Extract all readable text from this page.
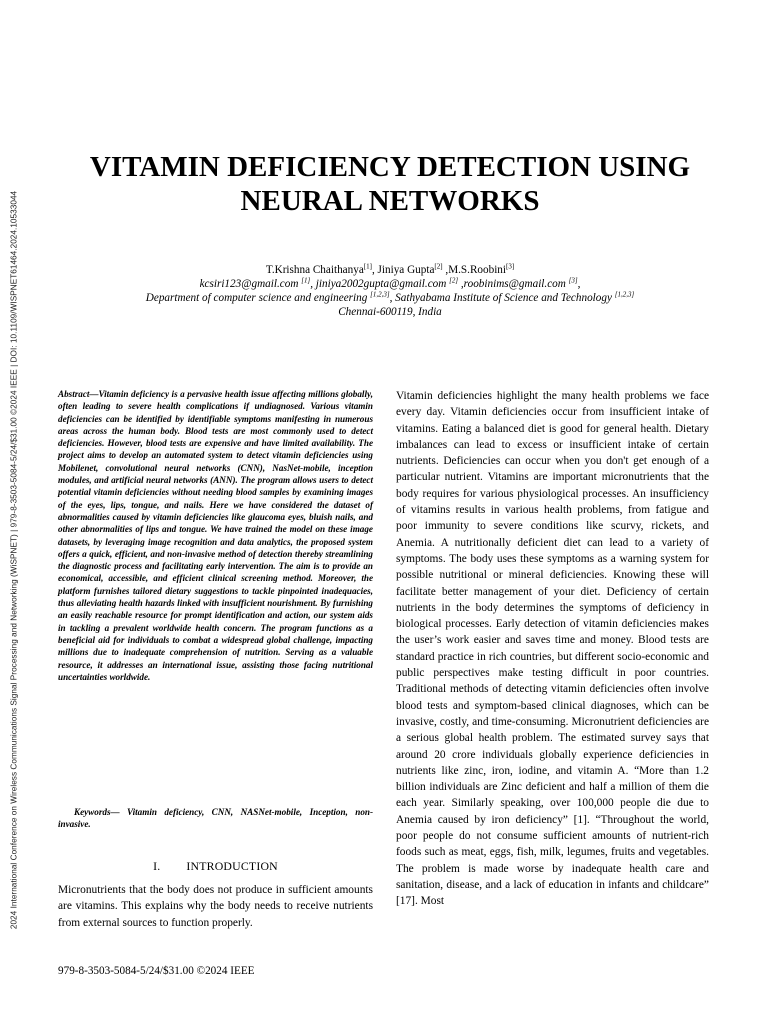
2024 International Conference on Wireless Communications Signal Processing and Networking (WiSPNET) | 979-8-3503-5084-5/24/$31.00 ©2024 IEEE | DOI: 10.1109/WISPNET61464.2024.10533044
VITAMIN DEFICIENCY DETECTION USING
NEURAL NETWORKS
T.Krishna Chaithanya[1], Jiniya Gupta[2] ,M.S.Roobini[3]
kcsiri123@gmail.com [1], jiniya2002gupta@gmail.com [2] ,roobinims@gmail.com [3],
Department of computer science and engineering [1,2,3], Sathyabama Institute of Science and Technology [1,2,3]
Chennai-600119, India

Abstract—Vitamin deficiency is a pervasive health issue affecting millions globally, often leading to severe health complications if undiagnosed. Various vitamin deficiencies can be identified by identifiable symptoms manifesting in numerous areas across the human body. Blood tests are most commonly used to detect deficiencies. However, blood tests are expensive and have limited availability. The project aims to develop an automated system to detect vitamin deficiencies using Mobilenet, convolutional neural networks (CNN), NasNet-mobile, inception modules, and artificial neural networks (ANN). The program allows users to detect potential vitamin deficiencies without needing blood samples by examining images of the eyes, lips, tongue, and nails. Here we have considered the dataset of abnormalities caused by vitamin deficiencies like glaucoma eyes, bluish nails, and other abnormalities of lips and tongue. We have trained the model on these image datasets, by leveraging image recognition and data analytics, the proposed system offers a quick, efficient, and non-invasive method of detection thereby streamlining the diagnostic process and facilitating early intervention. The aim is to provide an economical, accessible, and efficient clinical screening method. Moreover, the platform furnishes tailored dietary suggestions to tackle pinpointed inadequacies, thus alleviating health hazards linked with insufficient nourishment. By furnishing an easily reachable resource for prompt identification and action, our system aids in tackling a prevalent worldwide health concern. The program functions as a beneficial aid for individuals to combat a widespread global challenge, impacting millions due to inadequate comprehension of nutrition. Serving as a valuable resource, it addresses an international issue, assisting those facing nutritional uncertainties worldwide.

Keywords— Vitamin deficiency, CNN, NASNet-mobile, Inception, non-invasive.

I. INTRODUCTION

Micronutrients that the body does not produce in sufficient amounts are vitamins. This explains why the body needs to receive nutrients from external sources to function properly.

Vitamin deficiencies highlight the many health problems we face every day. Vitamin deficiencies occur from insufficient intake of vitamins. Eating a balanced diet is good for general health. Dietary imbalances can lead to excess or insufficient intake of certain nutrients. Deficiencies can occur when you don't get enough of a particular nutrient. Vitamins are important micronutrients that the body requires for various physiological processes. An insufficiency of vitamins results in various health problems, from fatigue and poor immunity to severe conditions like scurvy, rickets, and Anemia. A nutritionally deficient diet can lead to a variety of symptoms. The body uses these symptoms as a warning system for possible nutritional or mineral deficiencies. Knowing these will facilitate better management of your diet. Deficiency of certain nutrients in the body determines the symptoms of deficiency in biological processes. Early detection of vitamin deficiencies makes the user’s work easier and saves time and money. Blood tests are standard practice in rich countries, but different socio-economic and public perspectives make testing difficult in poor countries. Traditional methods of detecting vitamin deficiencies often involve blood tests and symptom-based clinical diagnoses, which can be invasive, costly, and time-consuming. Micronutrient deficiencies are a serious global health problem. The estimated survey says that around 20 crore individuals globally experience deficiencies in nutrients like zinc, iron, iodine, and vitamin A. “More than 1.2 billion individuals are Zinc deficient and half a million of them die each year. Similarly speaking, over 100,000 people die due to Anemia caused by iron deficiency” [1]. “Throughout the world, poor people do not consume sufficient amounts of nutrient-rich foods such as meat, eggs, fish, milk, legumes, fruits and vegetables. The problem is made worse by inadequate health care and sanitation, disease, and a lack of education in infants and childcare” [17]. Most

979-8-3503-5084-5/24/$31.00 ©2024 IEEE
